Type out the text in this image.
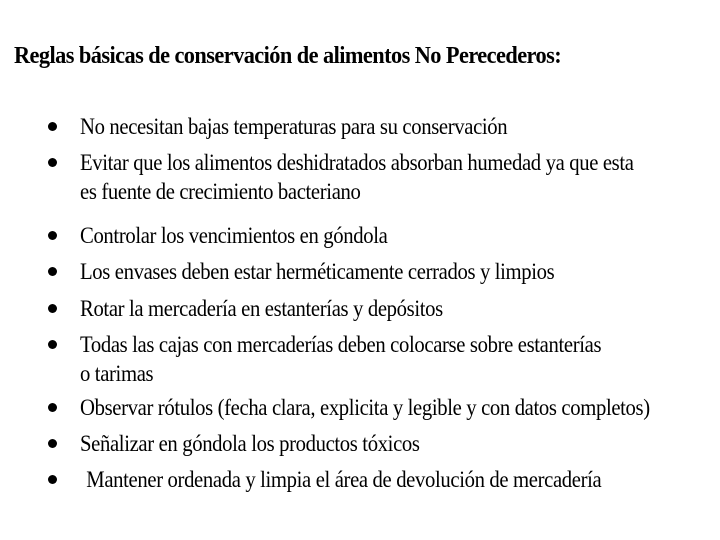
Reglas básicas de conservación de alimentos No Perecederos:
No necesitan bajas temperaturas para su conservación
Evitar que los alimentos deshidratados absorban humedad ya que esta
es fuente de crecimiento bacteriano
Controlar los vencimientos en góndola
Los envases deben estar herméticamente cerrados y limpios
Rotar la mercadería en estanterías y depósitos
Todas las cajas con mercaderías deben colocarse sobre estanterías
o tarimas
Observar rótulos (fecha clara, explicita y legible y con datos completos)
Señalizar en góndola los productos tóxicos
Mantener ordenada y limpia el área de devolución de mercadería
